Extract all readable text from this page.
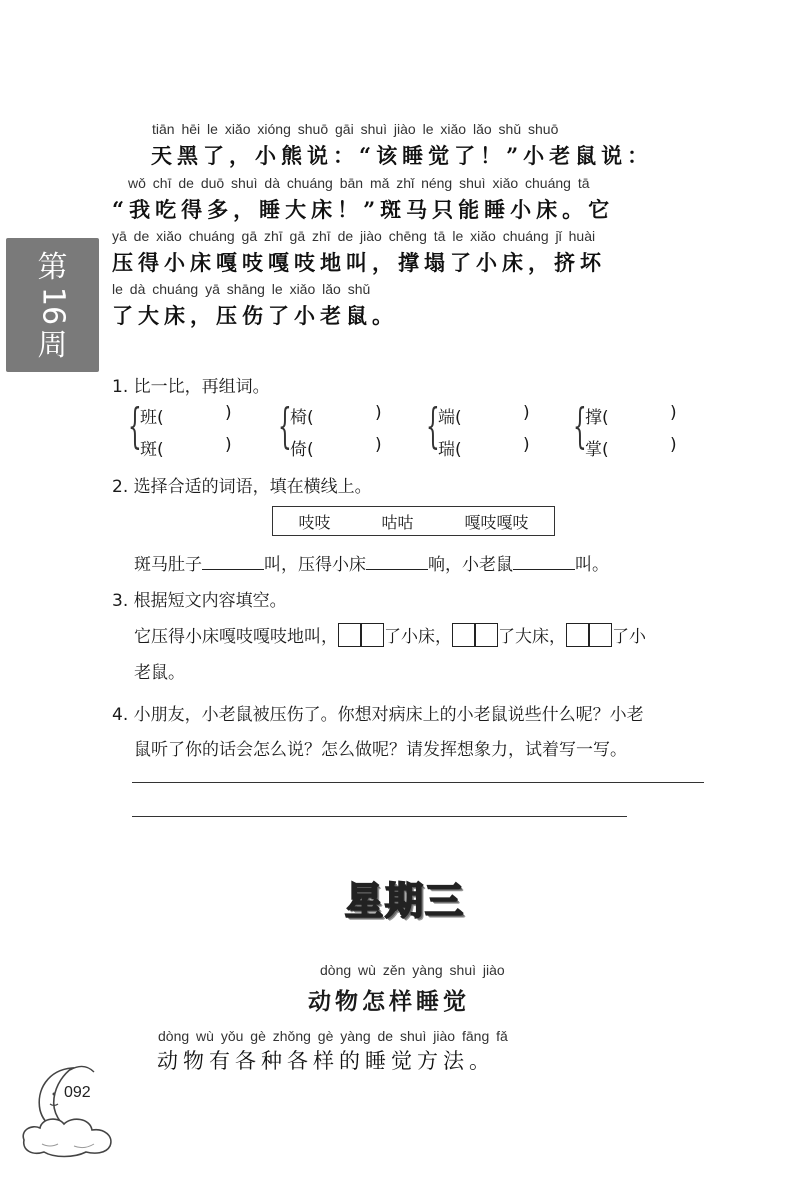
第
16
周
tiān hēi le xiǎo xióng shuō gāi shuì jiào le xiǎo lǎo shǔ shuō
天黑了，小熊说：“该睡觉了！”小老鼠说：
wǒ chī de duō shuì dà chuáng bān mǎ zhǐ néng shuì xiǎo chuáng tā
“我吃得多，睡大床！”斑马只能睡小床。它
yā de xiǎo chuáng gā zhī gā zhī de jiào chēng tā le xiǎo chuáng jǐ huài
压得小床嘎吱嘎吱地叫，撑塌了小床，挤坏
le dà chuáng yā shāng le xiǎo lǎo shǔ
了大床，压伤了小老鼠。
1. 比一比，再组词。
{
班(	)
斑(	) {
椅(	)
倚(	) {
端(	)
瑞(	) {
撑(	)
掌(	)
2. 选择合适的词语，填在横线上。
吱吱	咕咕	嘎吱嘎吱
斑马肚子	叫，压得小床	响，小老鼠	叫。
3. 根据短文内容填空。
它压得小床嘎吱嘎吱地叫，	了小床，	了大床，	了小
老鼠。
4. 小朋友，小老鼠被压伤了。你想对病床上的小老鼠说些什么呢？小老
鼠听了你的话会怎么说？怎么做呢？请发挥想象力，试着写一写。
星期三
dòng wù zěn yàng shuì jiào
动物怎样睡觉
dòng wù yǒu gè zhǒng gè yàng de shuì jiào fāng fǎ
动物有各种各样的睡觉方法。
092
